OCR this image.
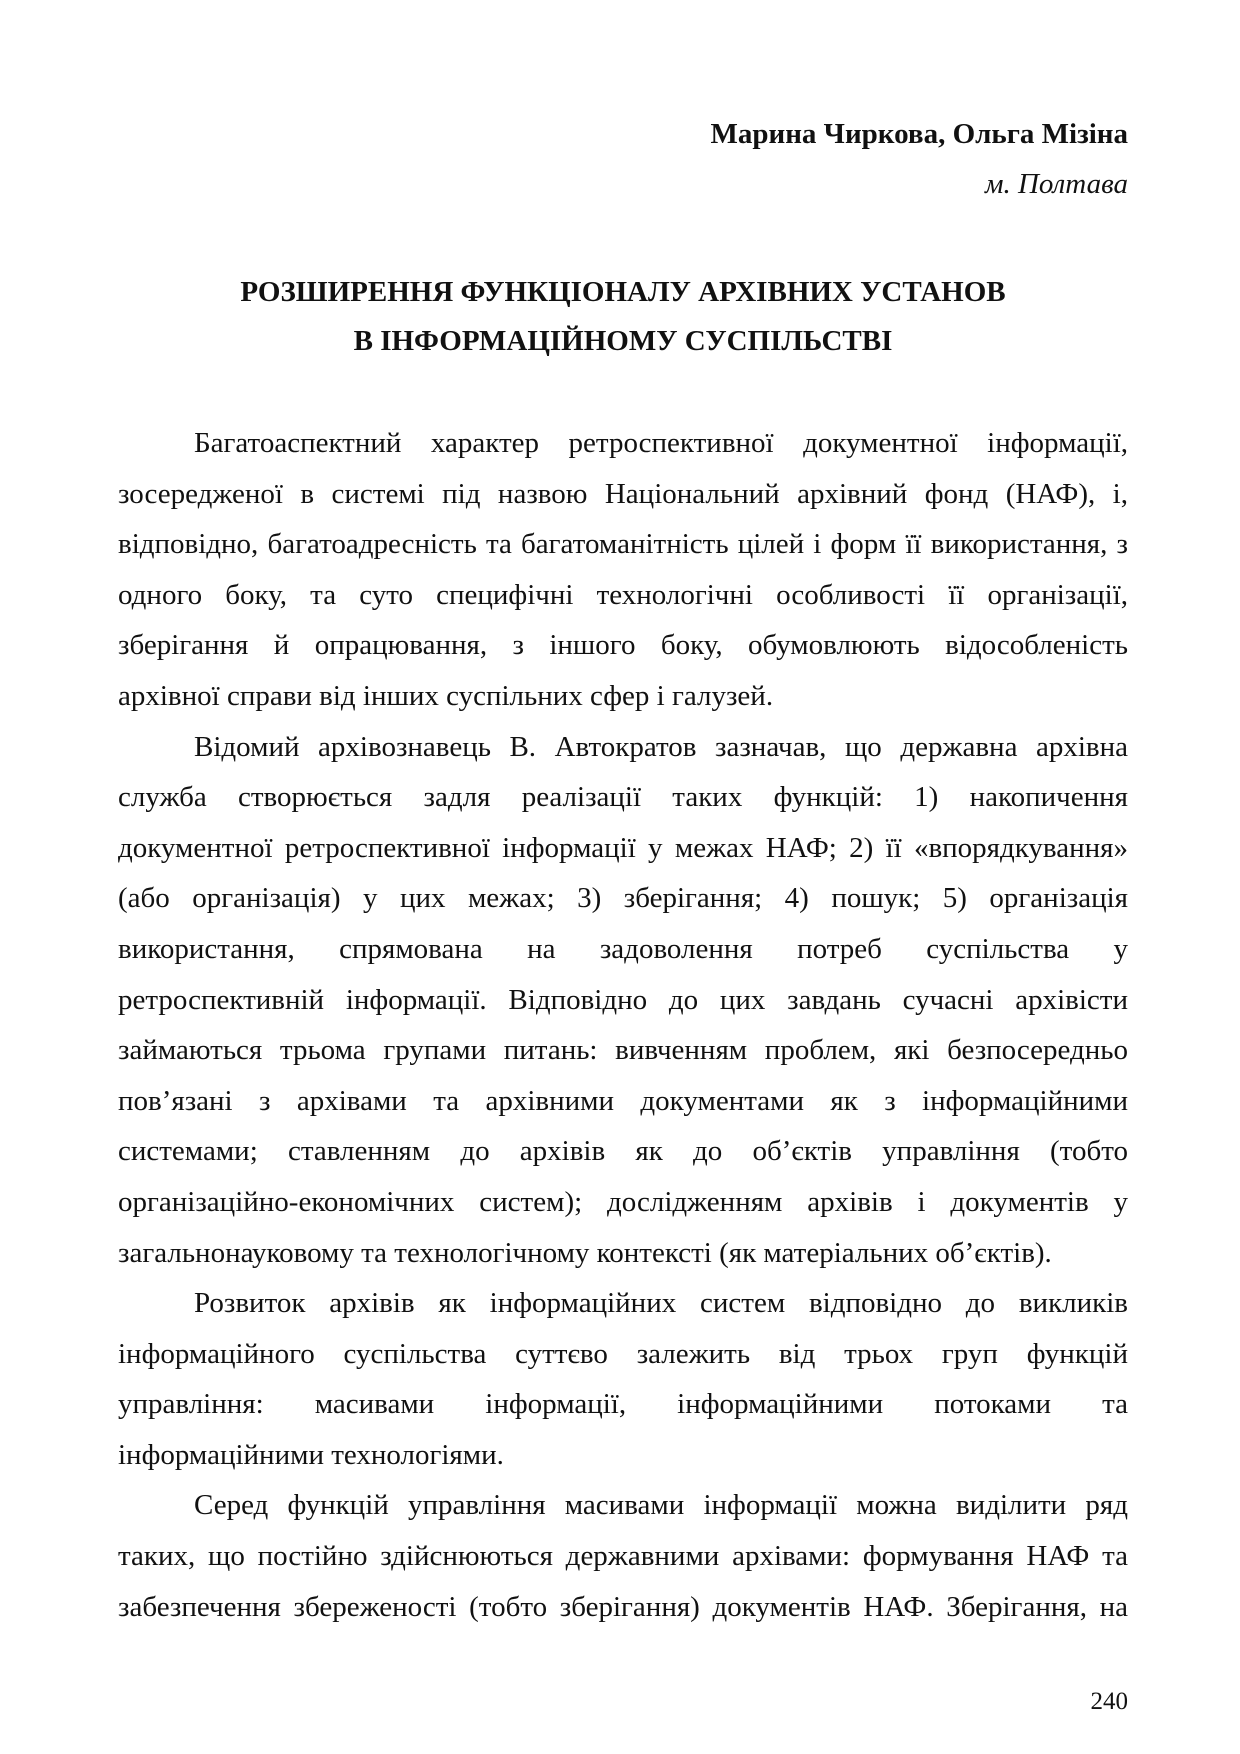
Марина Чиркова, Ольга Мізіна
м. Полтава
РОЗШИРЕННЯ ФУНКЦІОНАЛУ АРХІВНИХ УСТАНОВ
В ІНФОРМАЦІЙНОМУ СУСПІЛЬСТВІ
Багатоаспектний характер ретроспективної документної інформації,
зосередженої в системі під назвою Національний архівний фонд (НАФ), і,
відповідно, багатоадресність та багатоманітність цілей і форм її використання, з
одного боку, та суто специфічні технологічні особливості її організації,
зберігання й опрацювання, з іншого боку, обумовлюють відособленість
архівної справи від інших суспільних сфер і галузей.
Відомий архівознавець В. Автократов зазначав, що державна архівна
служба створюється задля реалізації таких функцій: 1) накопичення
документної ретроспективної інформації у межах НАФ; 2) її «впорядкування»
(або організація) у цих межах; 3) зберігання; 4) пошук; 5) організація
використання, спрямована на задоволення потреб суспільства у
ретроспективній інформації. Відповідно до цих завдань сучасні архівісти
займаються трьома групами питань: вивченням проблем, які безпосередньо
пов’язані з архівами та архівними документами як з інформаційними
системами; ставленням до архівів як до об’єктів управління (тобто
організаційно-економічних систем); дослідженням архівів і документів у
загальнонауковому та технологічному контексті (як матеріальних об’єктів).
Розвиток архівів як інформаційних систем відповідно до викликів
інформаційного суспільства суттєво залежить від трьох груп функцій
управління: масивами інформації, інформаційними потоками та
інформаційними технологіями.
Серед функцій управління масивами інформації можна виділити ряд
таких, що постійно здійснюються державними архівами: формування НАФ та
забезпечення збереженості (тобто зберігання) документів НАФ. Зберігання, на
240
